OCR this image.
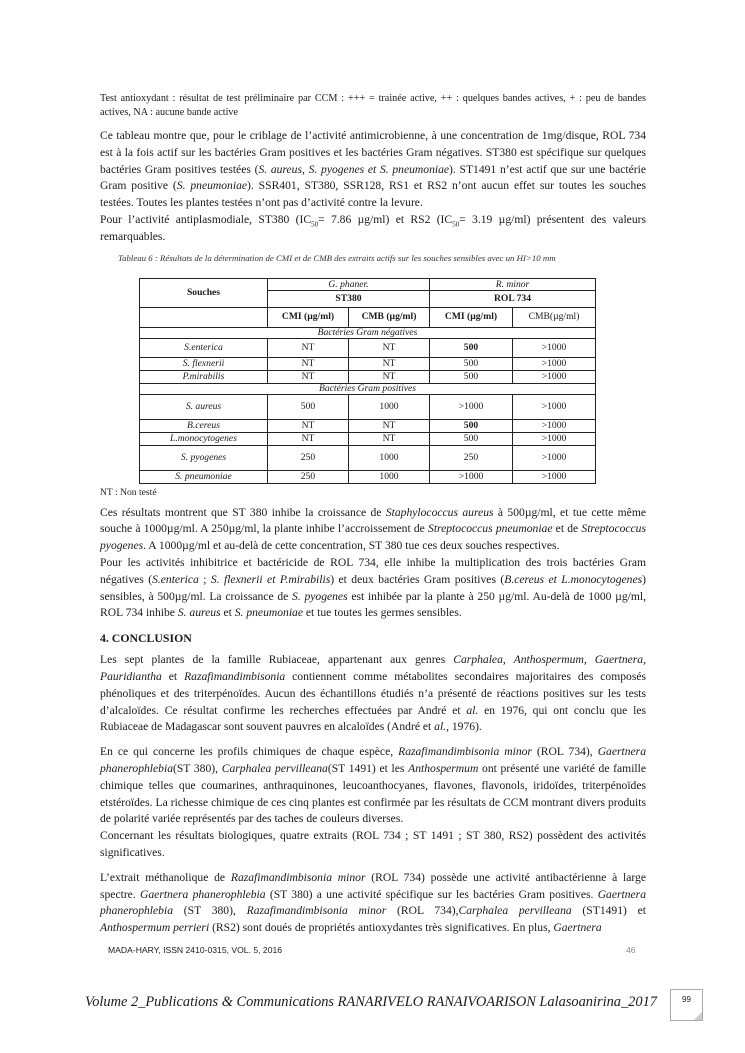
Test antioxydant : résultat de test préliminaire par CCM : +++ = trainée active, ++ : quelques bandes actives, + : peu de bandes actives, NA : aucune bande active
Ce tableau montre que, pour le criblage de l’activité antimicrobienne, à une concentration de 1mg/disque, ROL 734 est à la fois actif sur les bactéries Gram positives et les bactéries Gram négatives. ST380 est spécifique sur quelques bactéries Gram positives testées (S. aureus, S. pyogenes et S. pneumoniae). ST1491 n’est actif que sur une bactérie Gram positive (S. pneumoniae). SSR401, ST380, SSR128, RS1 et RS2 n’ont aucun effet sur toutes les souches testées. Toutes les plantes testées n’ont pas d’activité contre la levure.
Pour l’activité antiplasmodiale, ST380 ($IC_{50}= 7.86$ µg/ml) et RS2 ($IC_{50}= 3.19$ µg/ml) présentent des valeurs remarquables.
Tableau 6 : Résultats de la détermination de CMI et de CMB des extraits actifs sur les souches sensibles avec un HI>10 mm
Souches	G. phaner.		R. minor	
	ST380		ROL 734	
	CMI (µg/ml)	CMB (µg/ml)	CMI (µg/ml)	CMB(µg/ml)
Bactéries Gram négatives				
S.enterica	NT	NT	500	>1000
S. flexnerii	NT	NT	500	>1000
P.mirabilis	NT	NT	500	>1000
Bactéries Gram positives				
S. aureus	500	1000	>1000	>1000
B.cereus	NT	NT	500	>1000
L.monocytogenes	NT	NT	500	>1000
S. pyogenes	250	1000	250	>1000
S. pneumoniae	250	1000	>1000	>1000
NT : Non testé
Ces résultats montrent que ST 380 inhibe la croissance de Staphylococcus aureus à 500µg/ml, et tue cette même souche à 1000µg/ml. A 250µg/ml, la plante inhibe l’accroissement de Streptococcus pneumoniae et de Streptococcus pyogenes. A 1000µg/ml et au-delà de cette concentration, ST 380 tue ces deux souches respectives.
Pour les activités inhibitrice et bactéricide de ROL 734, elle inhibe la multiplication des trois bactéries Gram négatives (S.enterica ; S. flexnerii et P.mirabilis) et deux bactéries Gram positives (B.cereus et L.monocytogenes) sensibles, à 500µg/ml. La croissance de S. pyogenes est inhibée par la plante à 250 µg/ml. Au-delà de 1000 µg/ml, ROL 734 inhibe S. aureus et S. pneumoniae et tue toutes les germes sensibles.
4. CONCLUSION
Les sept plantes de la famille Rubiaceae, appartenant aux genres Carphalea, Anthospermum, Gaertnera, Pauridiantha et Razafimandimbisonia contiennent comme métabolites secondaires majoritaires des composés phénoliques et des triterpénoïdes. Aucun des échantillons étudiés n’a présenté de réactions positives sur les tests d’alcaloïdes. Ce résultat confirme les recherches effectuées par André et al. en 1976, qui ont conclu que les Rubiaceae de Madagascar sont souvent pauvres en alcaloïdes (André et al., 1976).
En ce qui concerne les profils chimiques de chaque espèce, Razafimandimbisonia minor (ROL 734), Gaertnera phanerophlebia(ST 380), Carphalea pervilleana(ST 1491) et les Anthospermum ont présenté une variété de famille chimique telles que coumarines, anthraquinones, leucoanthocyanes, flavones, flavonols, iridoïdes, triterpénoïdes etstéroïdes. La richesse chimique de ces cinq plantes est confirmée par les résultats de CCM montrant divers produits de polarité variée représentés par des taches de couleurs diverses.
Concernant les résultats biologiques, quatre extraits (ROL 734 ; ST 1491 ; ST 380, RS2) possèdent des activités significatives.
L’extrait méthanolique de Razafimandimbisonia minor (ROL 734) possède une activité antibactérienne à large spectre. Gaertnera phanerophlebia (ST 380) a une activité spécifique sur les bactéries Gram positives. Gaertnera phanerophlebia (ST 380), Razafimandimbisonia minor (ROL 734),Carphalea pervilleana (ST1491) et Anthospermum perrieri (RS2) sont doués de propriétés antioxydantes très significatives. En plus, Gaertnera
MADA-HARY, ISSN 2410-0315, VOL. 5, 2016	46
Volume 2_Publications & Communications RANARIVELO RANAIVOARISON Lalasoanirina_2017	99
